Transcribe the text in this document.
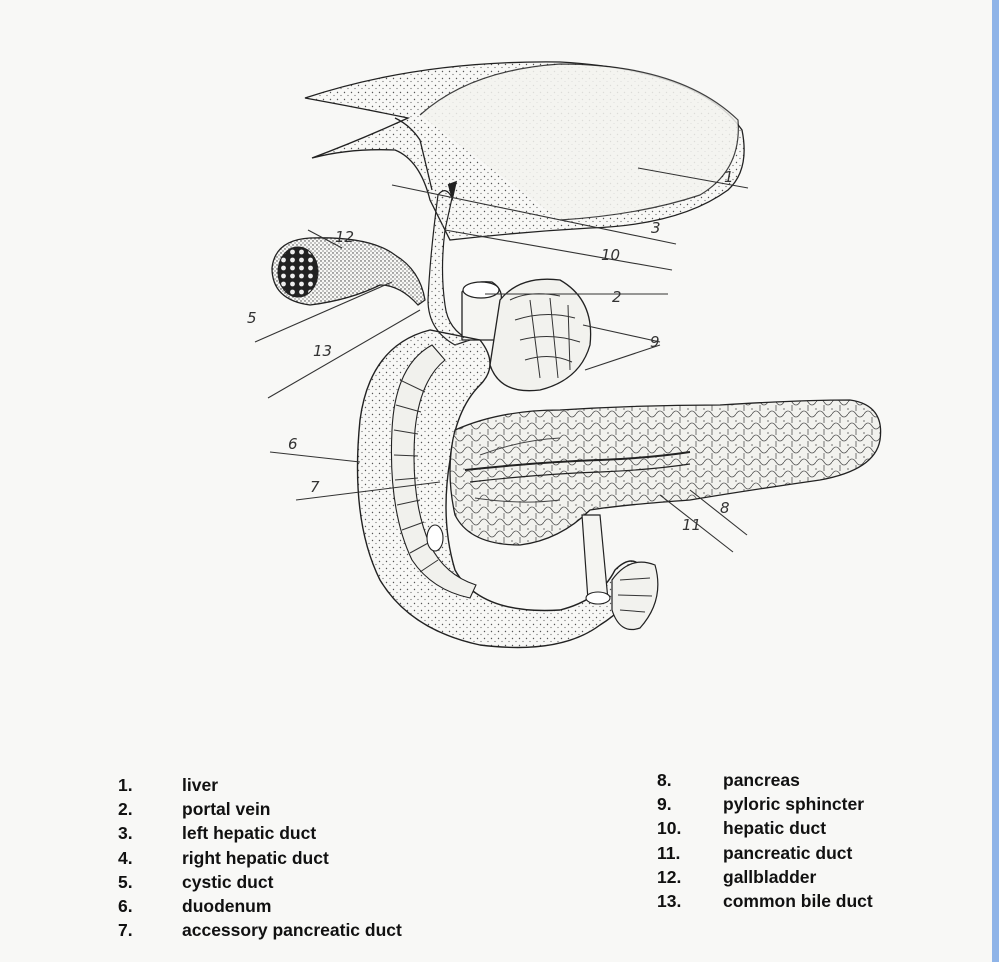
1
2
3
5
6
7
8
9
10
11
12
13
1.	liver
2.	portal vein
3.	left hepatic duct
4.	right hepatic duct
5.	cystic duct
6.	duodenum
7.	accessory pancreatic duct
8.	pancreas
9.	pyloric sphincter
10.	hepatic duct
11.	pancreatic duct
12.	gallbladder
13.	common bile duct
